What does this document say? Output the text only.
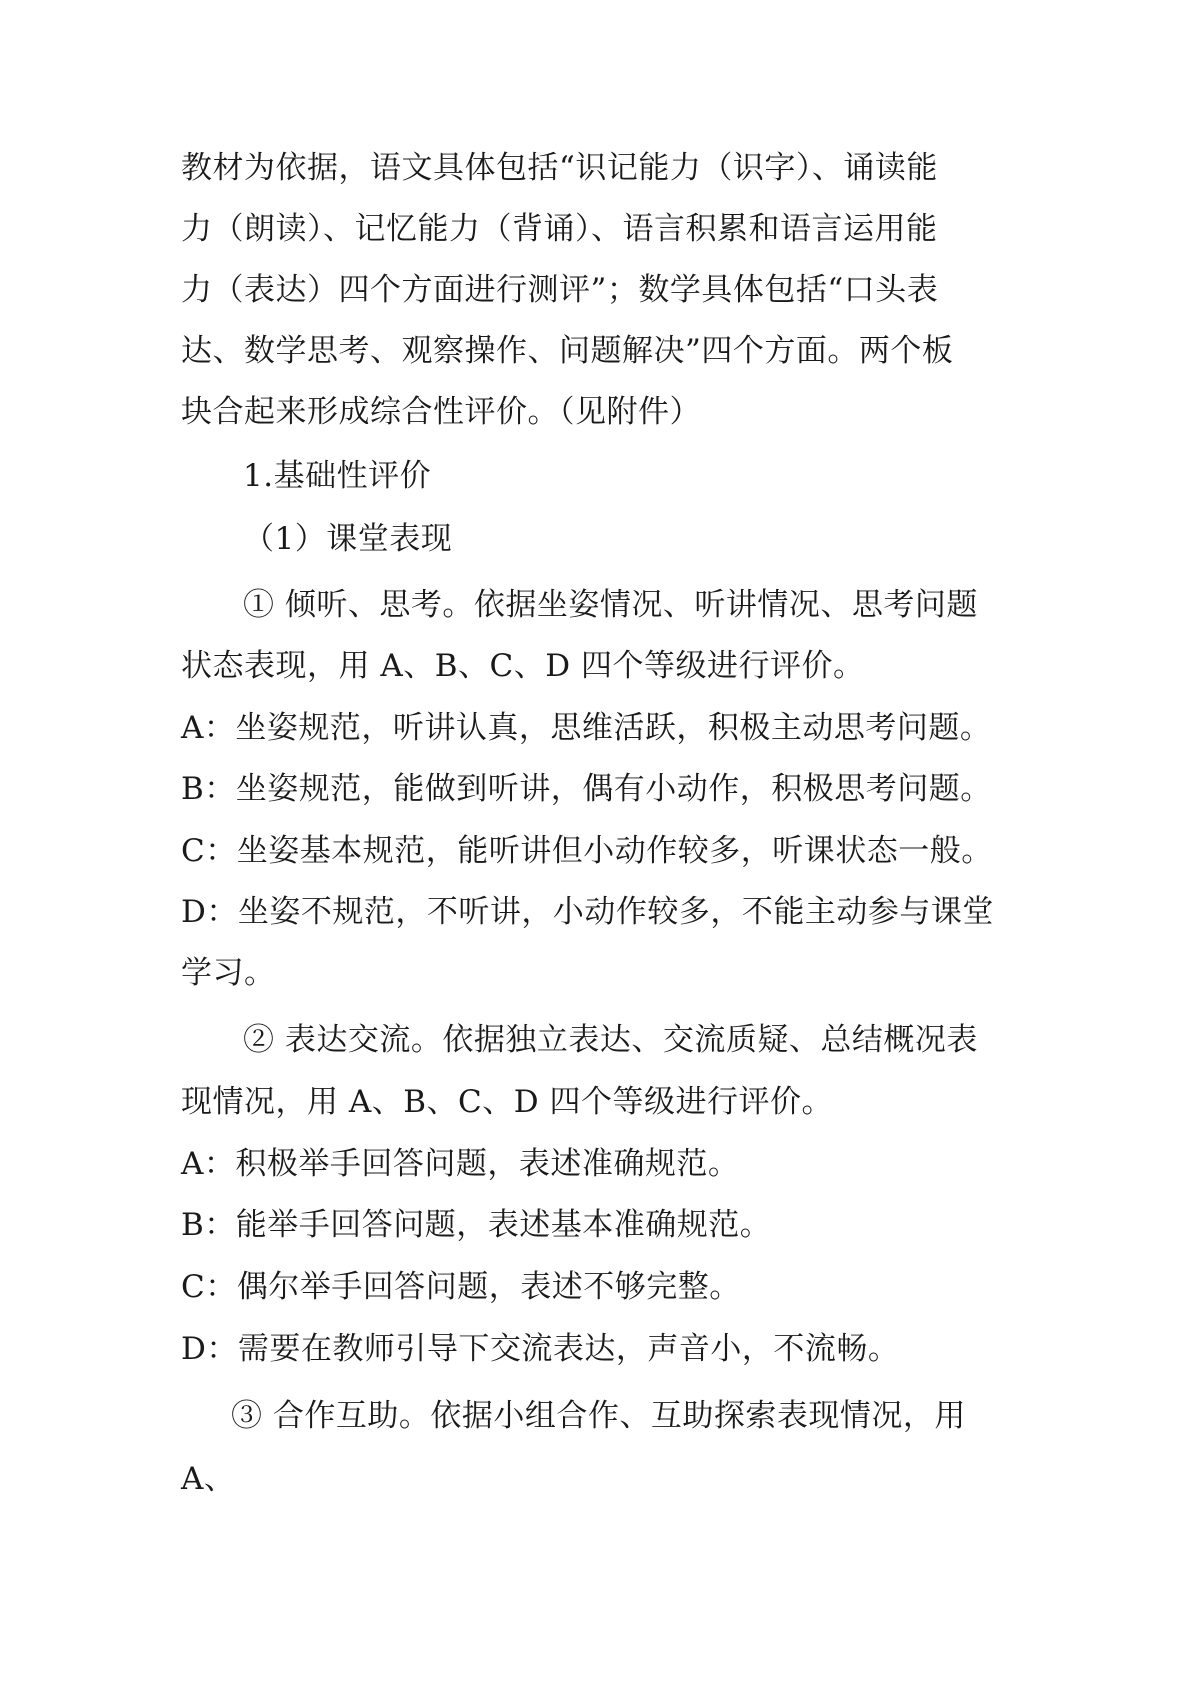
教材为依据，语文具体包括“识记能力（识字）、诵读能
力（朗读）、记忆能力（背诵）、语言积累和语言运用能
力（表达）四个方面进行测评”；数学具体包括“口头表
达、数学思考、观察操作、问题解决”四个方面。两个板
块合起来形成综合性评价。（见附件）
1.基础性评价
（1）课堂表现
① 倾听、思考。依据坐姿情况、听讲情况、思考问题
状态表现，用 A、B、C、D 四个等级进行评价。
A：坐姿规范，听讲认真，思维活跃，积极主动思考问题。
B：坐姿规范，能做到听讲，偶有小动作，积极思考问题。
C：坐姿基本规范，能听讲但小动作较多，听课状态一般。
D：坐姿不规范，不听讲，小动作较多，不能主动参与课堂
学习。
② 表达交流。依据独立表达、交流质疑、总结概况表
现情况，用 A、B、C、D 四个等级进行评价。
A：积极举手回答问题，表述准确规范。
B：能举手回答问题，表述基本准确规范。
C：偶尔举手回答问题，表述不够完整。
D：需要在教师引导下交流表达，声音小，不流畅。
③ 合作互助。依据小组合作、互助探索表现情况，用
A、
